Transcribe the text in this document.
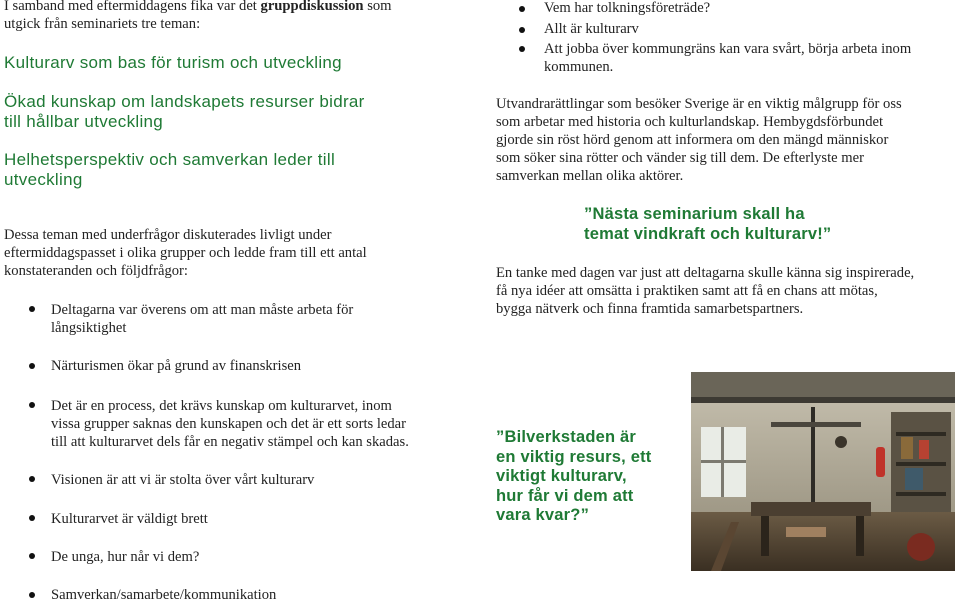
I samband med eftermiddagens fika var det gruppdiskussion som
utgick från seminariets tre teman:
Kulturarv som bas för turism och utveckling
Ökad kunskap om landskapets resurser bidrar
till hållbar utveckling
Helhetsperspektiv och samverkan leder till
utveckling
Dessa teman med underfrågor diskuterades livligt under
eftermiddagspasset i olika grupper och ledde fram till ett antal
konstateranden och följdfrågor:
Deltagarna var överens om att man måste arbeta för
långsiktighet
Närturismen ökar på grund av finanskrisen
Det är en process, det krävs kunskap om kulturarvet, inom
vissa grupper saknas den kunskapen och det är ett sorts ledar
till att kulturarvet dels får en negativ stämpel och kan skadas.
Visionen är att vi är stolta över vårt kulturarv
Kulturarvet är väldigt brett
De unga, hur når vi dem?
Samverkan/samarbete/kommunikation
Vem har tolkningsföreträde?
Allt är kulturarv
Att jobba över kommungräns kan vara svårt, börja arbeta inom
kommunen.
Utvandrarättlingar som besöker Sverige är en viktig målgrupp för oss
som arbetar med historia och kulturlandskap. Hembygdsförbundet
gjorde sin röst hörd genom att informera om den mängd människor
som söker sina rötter och vänder sig till dem. De efterlyste mer
samverkan mellan olika aktörer.
”Nästa seminarium skall ha
temat vindkraft och kulturarv!”
En tanke med dagen var just att deltagarna skulle känna sig inspirerade,
få nya idéer att omsätta i praktiken samt att få en chans att mötas,
bygga nätverk och finna framtida samarbetspartners.
”Bilverkstaden är
en viktig resurs, ett
viktigt kulturarv,
hur får vi dem att
vara kvar?”
